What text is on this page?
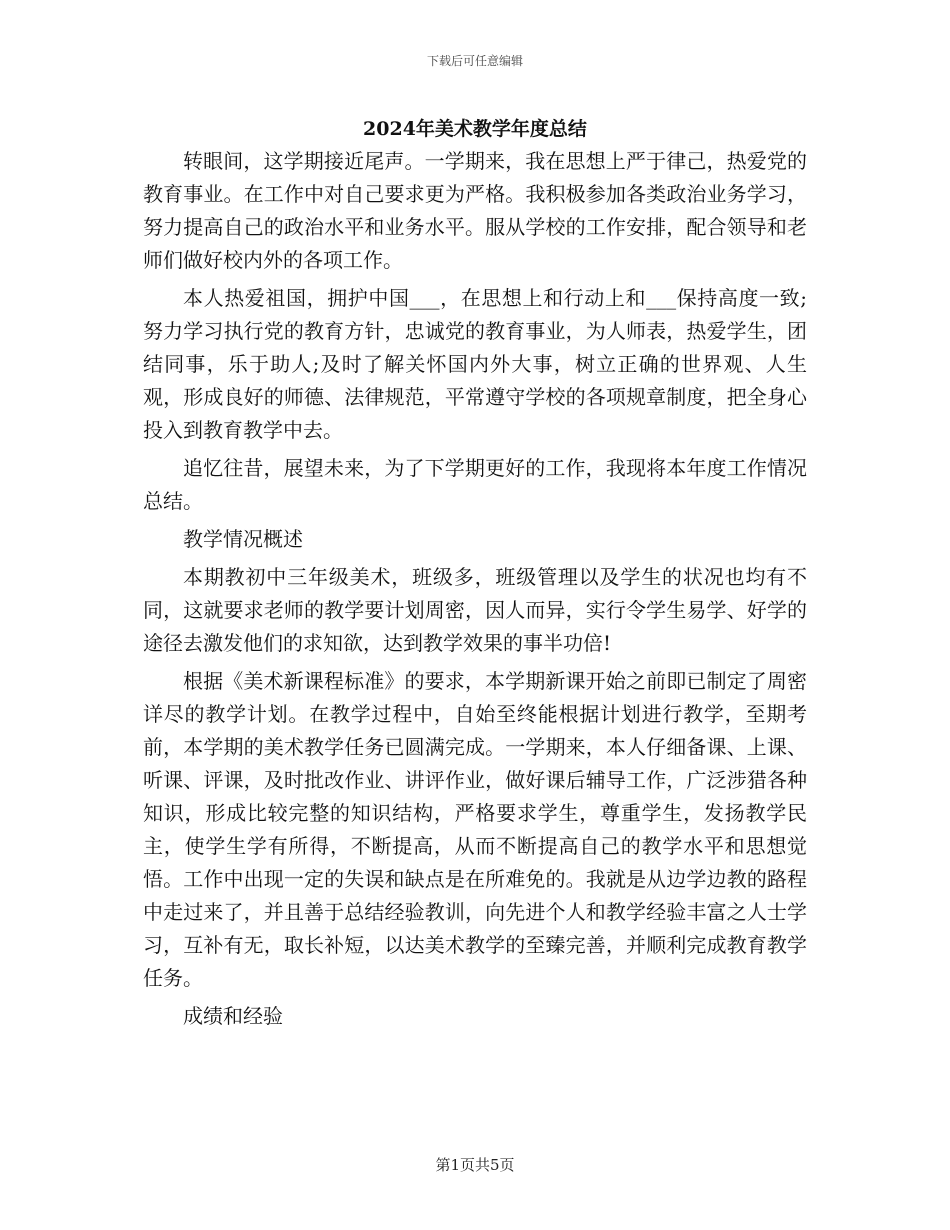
下载后可任意编辑
2024年美术教学年度总结

转眼间，这学期接近尾声。一学期来，我在思想上严于律己，热爱党的教育事业。在工作中对自己要求更为严格。我积极参加各类政治业务学习，努力提高自己的政治水平和业务水平。服从学校的工作安排，配合领导和老师们做好校内外的各项工作。

本人热爱祖国，拥护中国___，在思想上和行动上和___保持高度一致;努力学习执行党的教育方针，忠诚党的教育事业，为人师表，热爱学生，团结同事，乐于助人;及时了解关怀国内外大事，树立正确的世界观、人生观，形成良好的师德、法律规范，平常遵守学校的各项规章制度，把全身心投入到教育教学中去。

追忆往昔，展望未来，为了下学期更好的工作，我现将本年度工作情况总结。

教学情况概述

本期教初中三年级美术，班级多，班级管理以及学生的状况也均有不同，这就要求老师的教学要计划周密，因人而异，实行令学生易学、好学的途径去激发他们的求知欲，达到教学效果的事半功倍!

根据《美术新课程标准》的要求，本学期新课开始之前即已制定了周密详尽的教学计划。在教学过程中，自始至终能根据计划进行教学，至期考前，本学期的美术教学任务已圆满完成。一学期来，本人仔细备课、上课、听课、评课，及时批改作业、讲评作业，做好课后辅导工作，广泛涉猎各种知识，形成比较完整的知识结构，严格要求学生，尊重学生，发扬教学民主，使学生学有所得，不断提高，从而不断提高自己的教学水平和思想觉悟。工作中出现一定的失误和缺点是在所难免的。我就是从边学边教的路程中走过来了，并且善于总结经验教训，向先进个人和教学经验丰富之人士学习，互补有无，取长补短，以达美术教学的至臻完善，并顺利完成教育教学任务。

成绩和经验

第1页共5页
